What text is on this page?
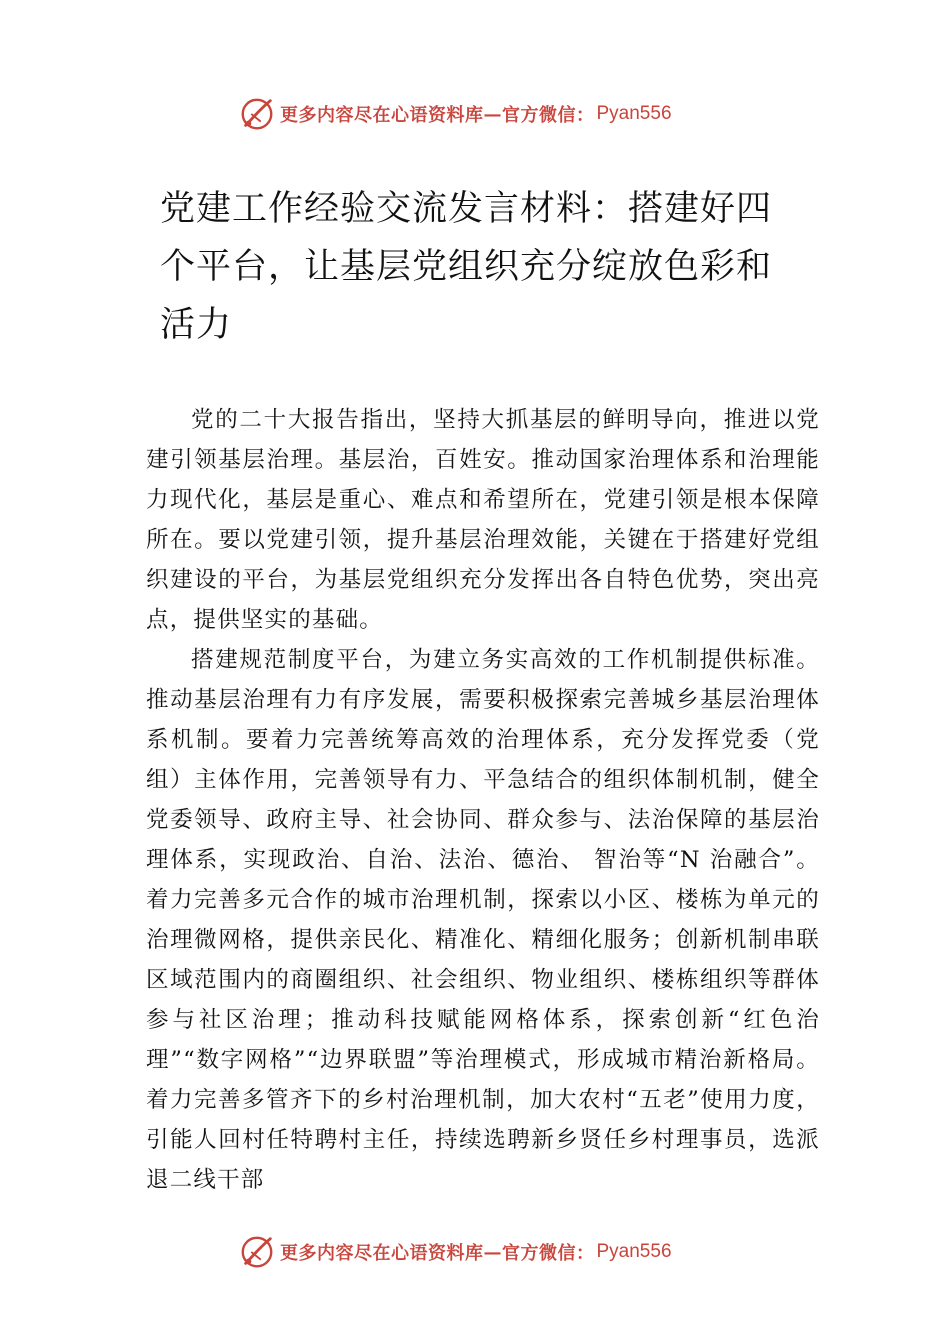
更多内容尽在心语资料库 — 官方微信： Pyan556
党建工作经验交流发言材料：搭建好四个平台，让基层党组织充分绽放色彩和活力

党的二十大报告指出，坚持大抓基层的鲜明导向，推进以党建引领基层治理。基层治，百姓安。推动国家治理体系和治理能力现代化，基层是重心、难点和希望所在，党建引领是根本保障所在。要以党建引领，提升基层治理效能，关键在于搭建好党组织建设的平台，为基层党组织充分发挥出各自特色优势，突出亮点，提供坚实的基础。

搭建规范制度平台，为建立务实高效的工作机制提供标准。推动基层治理有力有序发展，需要积极探索完善城乡基层治理体系机制。要着力完善统筹高效的治理体系，充分发挥党委（党组）主体作用，完善领导有力、平急结合的组织体制机制，健全党委领导、政府主导、社会协同、群众参与、法治保障的基层治理体系，实现政治、自治、法治、德治、 智治等“N 治融合”。着力完善多元合作的城市治理机制，探索以小区、楼栋为单元的治理微网格，提供亲民化、精准化、精细化服务；创新机制串联区域范围内的商圈组织、社会组织、物业组织、楼栋组织等群体参与社区治理；推动科技赋能网格体系，探索创新“红色治理”“数字网格”“边界联盟”等治理模式，形成城市精治新格局。着力完善多管齐下的乡村治理机制，加大农村“五老”使用力度，引能人回村任特聘村主任，持续选聘新乡贤任乡村理事员，选派退二线干部

更多内容尽在心语资料库 — 官方微信： Pyan556
